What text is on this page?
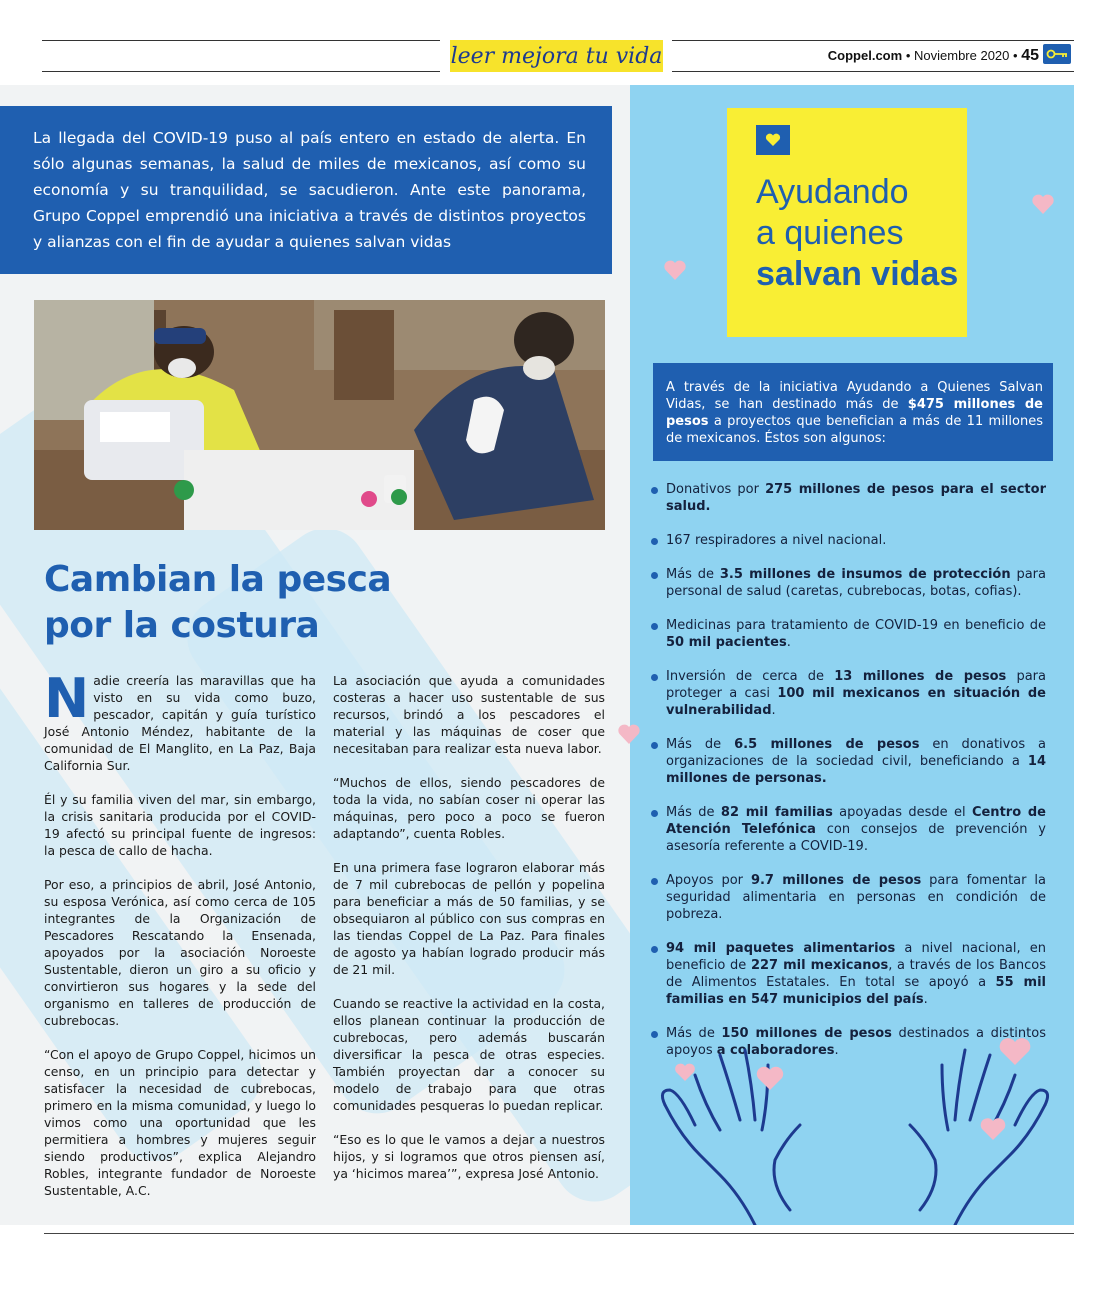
leer mejora tu vida	Coppel.com • Noviembre 2020 • 45
La llegada del COVID-19 puso al país entero en estado de alerta. En sólo algunas semanas, la salud de miles de mexicanos, así como su economía y su tranquilidad, se sacudieron. Ante este panorama, Grupo Coppel emprendió una iniciativa a través de distintos proyectos y alianzas con el fin de ayudar a quienes salvan vidas
Cambian la pesca
por la costura

Nadie creería las maravillas que ha visto en su vida como buzo, pescador, capitán y guía turístico José Antonio Méndez, habitante de la comunidad de El Manglito, en La Paz, Baja California Sur.

Él y su familia viven del mar, sin embargo, la crisis sanitaria producida por el COVID-19 afectó su principal fuente de ingresos: la pesca de callo de hacha.

Por eso, a principios de abril, José Antonio, su esposa Verónica, así como cerca de 105 integrantes de la Organización de Pescadores Rescatando la Ensenada, apoyados por la asociación Noroeste Sustentable, dieron un giro a su oficio y convirtieron sus hogares y la sede del organismo en talleres de producción de cubrebocas.

“Con el apoyo de Grupo Coppel, hicimos un censo, en un principio para detectar y satisfacer la necesidad de cubrebocas, primero en la misma comunidad, y luego lo vimos como una oportunidad que les permitiera a hombres y mujeres seguir siendo productivos”, explica Alejandro Robles, integrante fundador de Noroeste Sustentable, A.C.

La asociación que ayuda a comunidades costeras a hacer uso sustentable de sus recursos, brindó a los pescadores el material y las máquinas de coser que necesitaban para realizar esta nueva labor.

“Muchos de ellos, siendo pescadores de toda la vida, no sabían coser ni operar las máquinas, pero poco a poco se fueron adaptando”, cuenta Robles.

En una primera fase lograron elaborar más de 7 mil cubrebocas de pellón y popelina para beneficiar a más de 50 familias, y se obsequiaron al público con sus compras en las tiendas Coppel de La Paz. Para finales de agosto ya habían logrado producir más de 21 mil.

Cuando se reactive la actividad en la costa, ellos planean continuar la producción de cubrebocas, pero además buscarán diversificar la pesca de otras especies. También proyectan dar a conocer su modelo de trabajo para que otras comunidades pesqueras lo puedan replicar.

“Eso es lo que le vamos a dejar a nuestros hijos, y si logramos que otros piensen así, ya ‘hicimos marea’”, expresa José Antonio.

Ayudando
a quienes
salvan vidas
A través de la iniciativa Ayudando a Quienes Salvan Vidas, se han destinado más de $475 millones de pesos a proyectos que benefician a más de 11 millones de mexicanos. Éstos son algunos:
Donativos por 275 millones de pesos para el sector salud.
167 respiradores a nivel nacional.
Más de 3.5 millones de insumos de protección para personal de salud (caretas, cubrebocas, botas, cofias).
Medicinas para tratamiento de COVID-19 en beneficio de 50 mil pacientes.
Inversión de cerca de 13 millones de pesos para proteger a casi 100 mil mexicanos en situación de vulnerabilidad.
Más de 6.5 millones de pesos en donativos a organizaciones de la sociedad civil, beneficiando a 14 millones de personas.
Más de 82 mil familias apoyadas desde el Centro de Atención Telefónica con consejos de prevención y asesoría referente a COVID-19.
Apoyos por 9.7 millones de pesos para fomentar la seguridad alimentaria en personas en condición de pobreza.
94 mil paquetes alimentarios a nivel nacional, en beneficio de 227 mil mexicanos, a través de los Bancos de Alimentos Estatales. En total se apoyó a 55 mil familias en 547 municipios del país.
Más de 150 millones de pesos destinados a distintos apoyos a colaboradores.
